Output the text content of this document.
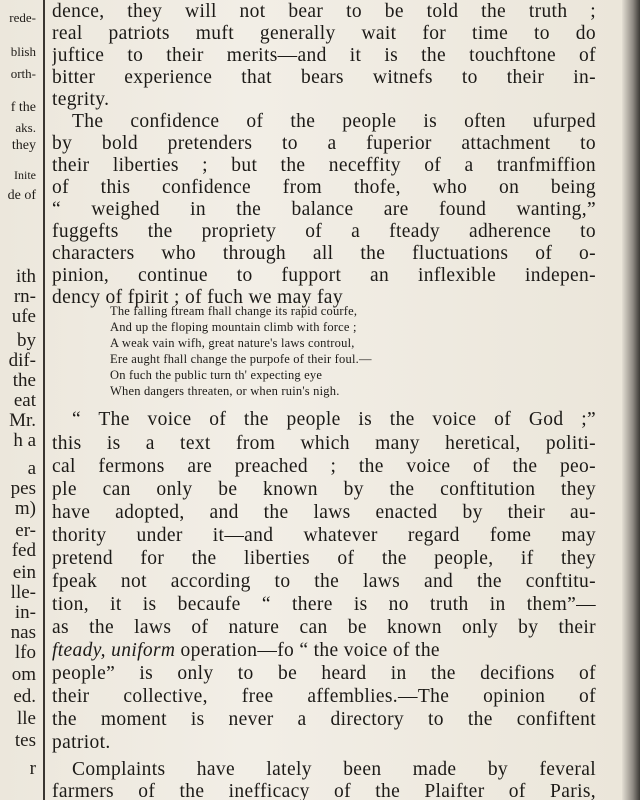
rede-
blish
orth-
f the
aks.
they
Inite
de of
ith
rn-
ufe
by
dif-
the
eat
Mr.
h a
a
pes
m)
er-
fed
ein
lle-
in-
nas
lfo
om
ed.
lle
tes
r
dence, they will not bear to be told the truth ;
real patriots muft generally wait for time to do
juftice to their merits—and it is the touchftone of
bitter experience that bears witnefs to their in-
tegrity.
The confidence of the people is often ufurped
by bold pretenders to a fuperior attachment to
their liberties ; but the neceffity of a tranfmiffion
of this confidence from thofe, who on being
“ weighed in the balance are found wanting,”
fuggefts the propriety of a fteady adherence to
characters who through all the fluctuations of o-
pinion, continue to fupport an inflexible indepen-
dency of fpirit ; of fuch we may fay
The falling ftream fhall change its rapid courfe,
And up the floping mountain climb with force ;
A weak vain wifh, great nature's laws controul,
Ere aught fhall change the purpofe of their foul.—
On fuch the public turn th' expecting eye
When dangers threaten, or when ruin's nigh.
“ The voice of the people is the voice of God ;”
this is a text from which many heretical, politi-
cal fermons are preached ; the voice of the peo-
ple can only be known by the conftitution they
have adopted, and the laws enacted by their au-
thority under it—and whatever regard fome may
pretend for the liberties of the people, if they
fpeak not according to the laws and the conftitu-
tion, it is becaufe “ there is no truth in them”—
as the laws of nature can be known only by their
fteady, uniform operation—fo “ the voice of the
people” is only to be heard in the decifions of
their collective, free affemblies.—The opinion of
the moment is never a directory to the confiftent
patriot.
Complaints have lately been made by feveral
farmers of the inefficacy of the Plaifter of Paris,
